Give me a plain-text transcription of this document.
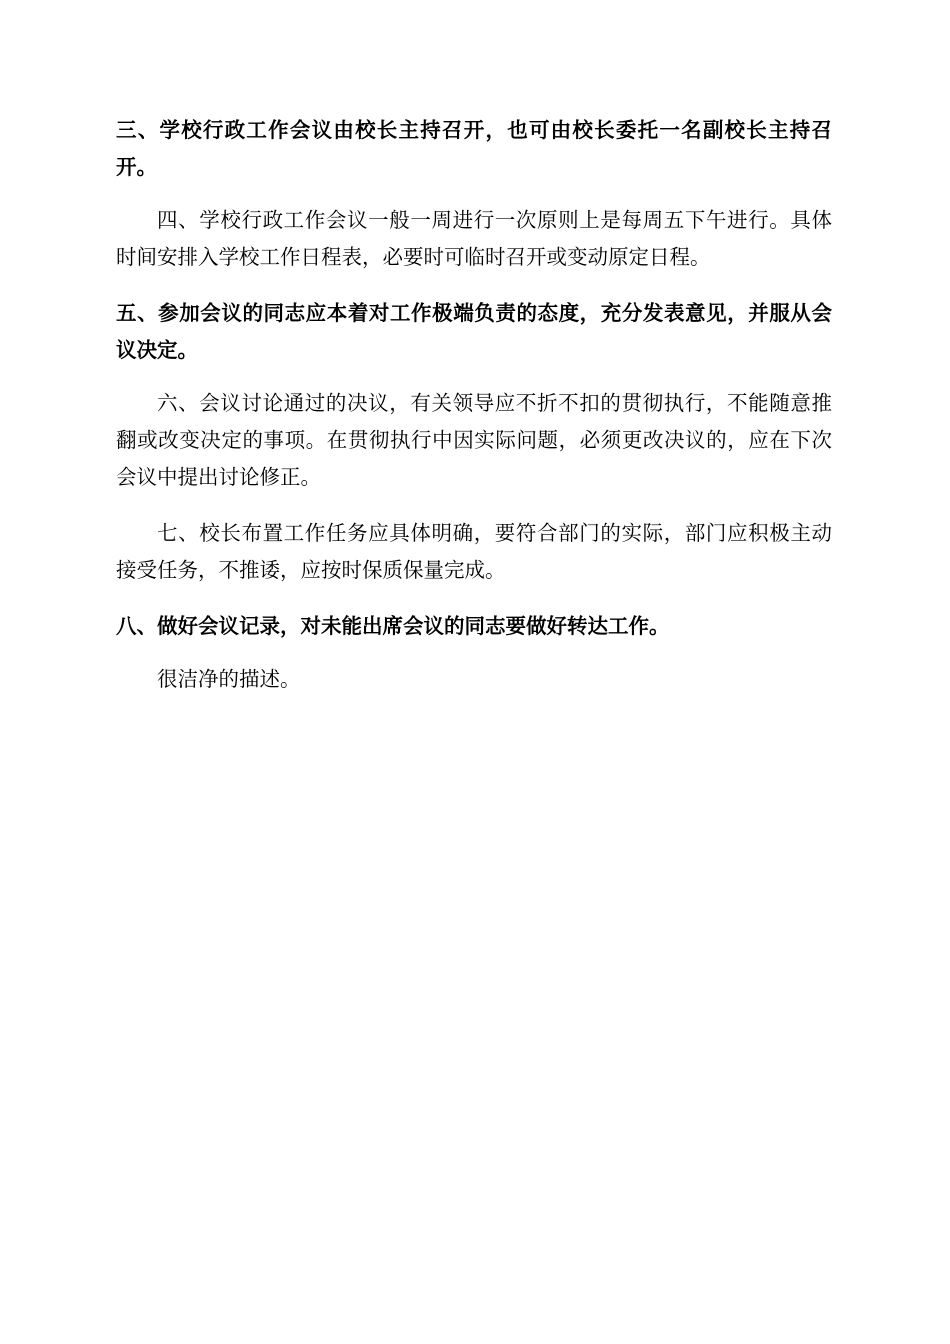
三、学校行政工作会议由校长主持召开，也可由校长委托一名副校长主持召开。

四、学校行政工作会议一般一周进行一次原则上是每周五下午进行。具体时间安排入学校工作日程表，必要时可临时召开或变动原定日程。

五、参加会议的同志应本着对工作极端负责的态度，充分发表意见，并服从会议决定。

六、会议讨论通过的决议，有关领导应不折不扣的贯彻执行，不能随意推翻或改变决定的事项。在贯彻执行中因实际问题，必须更改决议的，应在下次会议中提出讨论修正。

七、校长布置工作任务应具体明确，要符合部门的实际，部门应积极主动接受任务，不推诿，应按时保质保量完成。

八、做好会议记录，对未能出席会议的同志要做好转达工作。

很洁净的描述。
